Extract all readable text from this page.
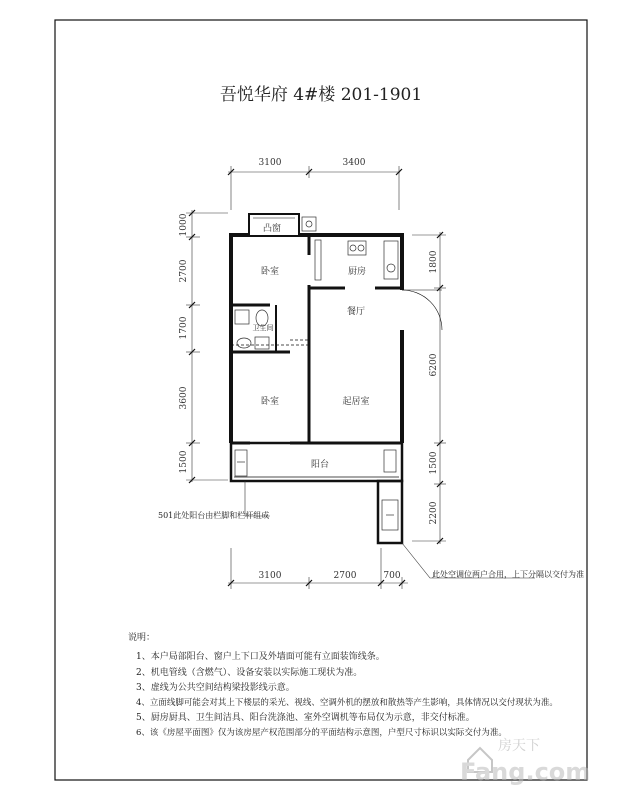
吾悦华府 4#楼 201-1901
3100	3400
3100	2700	700
1000
2700
1700
3600
1500
1800
6200
1500
2200
凸窗
卧室	厨房
餐厅
卫生间
卧室	起居室
阳台
501此处阳台由栏脚和栏杆组成
此处空调位两户合用，上下分隔以交付为准
说明：
1、本户局部阳台、窗户上下口及外墙面可能有立面装饰线条。
2、机电管线（含燃气）、设备安装以实际施工现状为准。
3、虚线为公共空间结构梁投影线示意。
4、立面线脚可能会对其上下楼层的采光、视线、空调外机的摆放和散热等产生影响，具体情况以交付现状为准。
5、厨房厨具、卫生间洁具、阳台洗涤池、室外空调机等布局仅为示意，非交付标准。
6、该《房屋平面图》仅为该房屋产权范围部分的平面结构示意图，户型尺寸标识以实际交付为准。
房天下
Fang.com
